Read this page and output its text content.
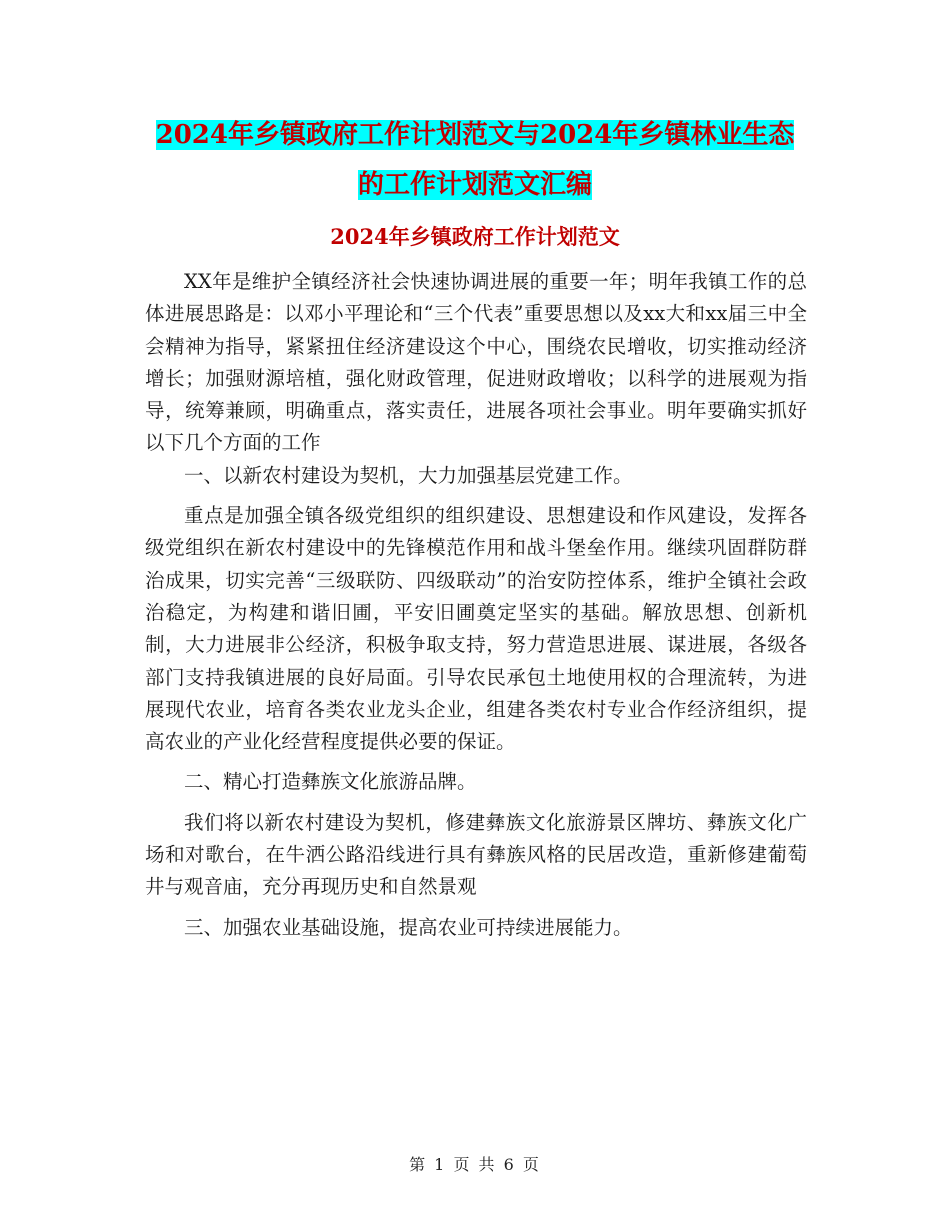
2024年乡镇政府工作计划范文与2024年乡镇林业生态
的工作计划范文汇编
2024年乡镇政府工作计划范文

XX年是维护全镇经济社会快速协调进展的重要一年；明年我镇工作的总体进展思路是：以邓小平理论和“三个代表”重要思想以及xx大和xx届三中全会精神为指导，紧紧扭住经济建设这个中心，围绕农民增收，切实推动经济增长；加强财源培植，强化财政管理，促进财政增收；以科学的进展观为指导，统筹兼顾，明确重点，落实责任，进展各项社会事业。明年要确实抓好以下几个方面的工作

一、以新农村建设为契机，大力加强基层党建工作。

重点是加强全镇各级党组织的组织建设、思想建设和作风建设，发挥各级党组织在新农村建设中的先锋模范作用和战斗堡垒作用。继续巩固群防群治成果，切实完善“三级联防、四级联动”的治安防控体系，维护全镇社会政治稳定，为构建和谐旧圃，平安旧圃奠定坚实的基础。解放思想、创新机制，大力进展非公经济，积极争取支持，努力营造思进展、谋进展，各级各部门支持我镇进展的良好局面。引导农民承包土地使用权的合理流转，为进展现代农业，培育各类农业龙头企业，组建各类农村专业合作经济组织，提高农业的产业化经营程度提供必要的保证。

二、精心打造彝族文化旅游品牌。

我们将以新农村建设为契机，修建彝族文化旅游景区牌坊、彝族文化广场和对歌台，在牛洒公路沿线进行具有彝族风格的民居改造，重新修建葡萄井与观音庙，充分再现历史和自然景观

三、加强农业基础设施，提高农业可持续进展能力。

第 1 页 共 6 页
